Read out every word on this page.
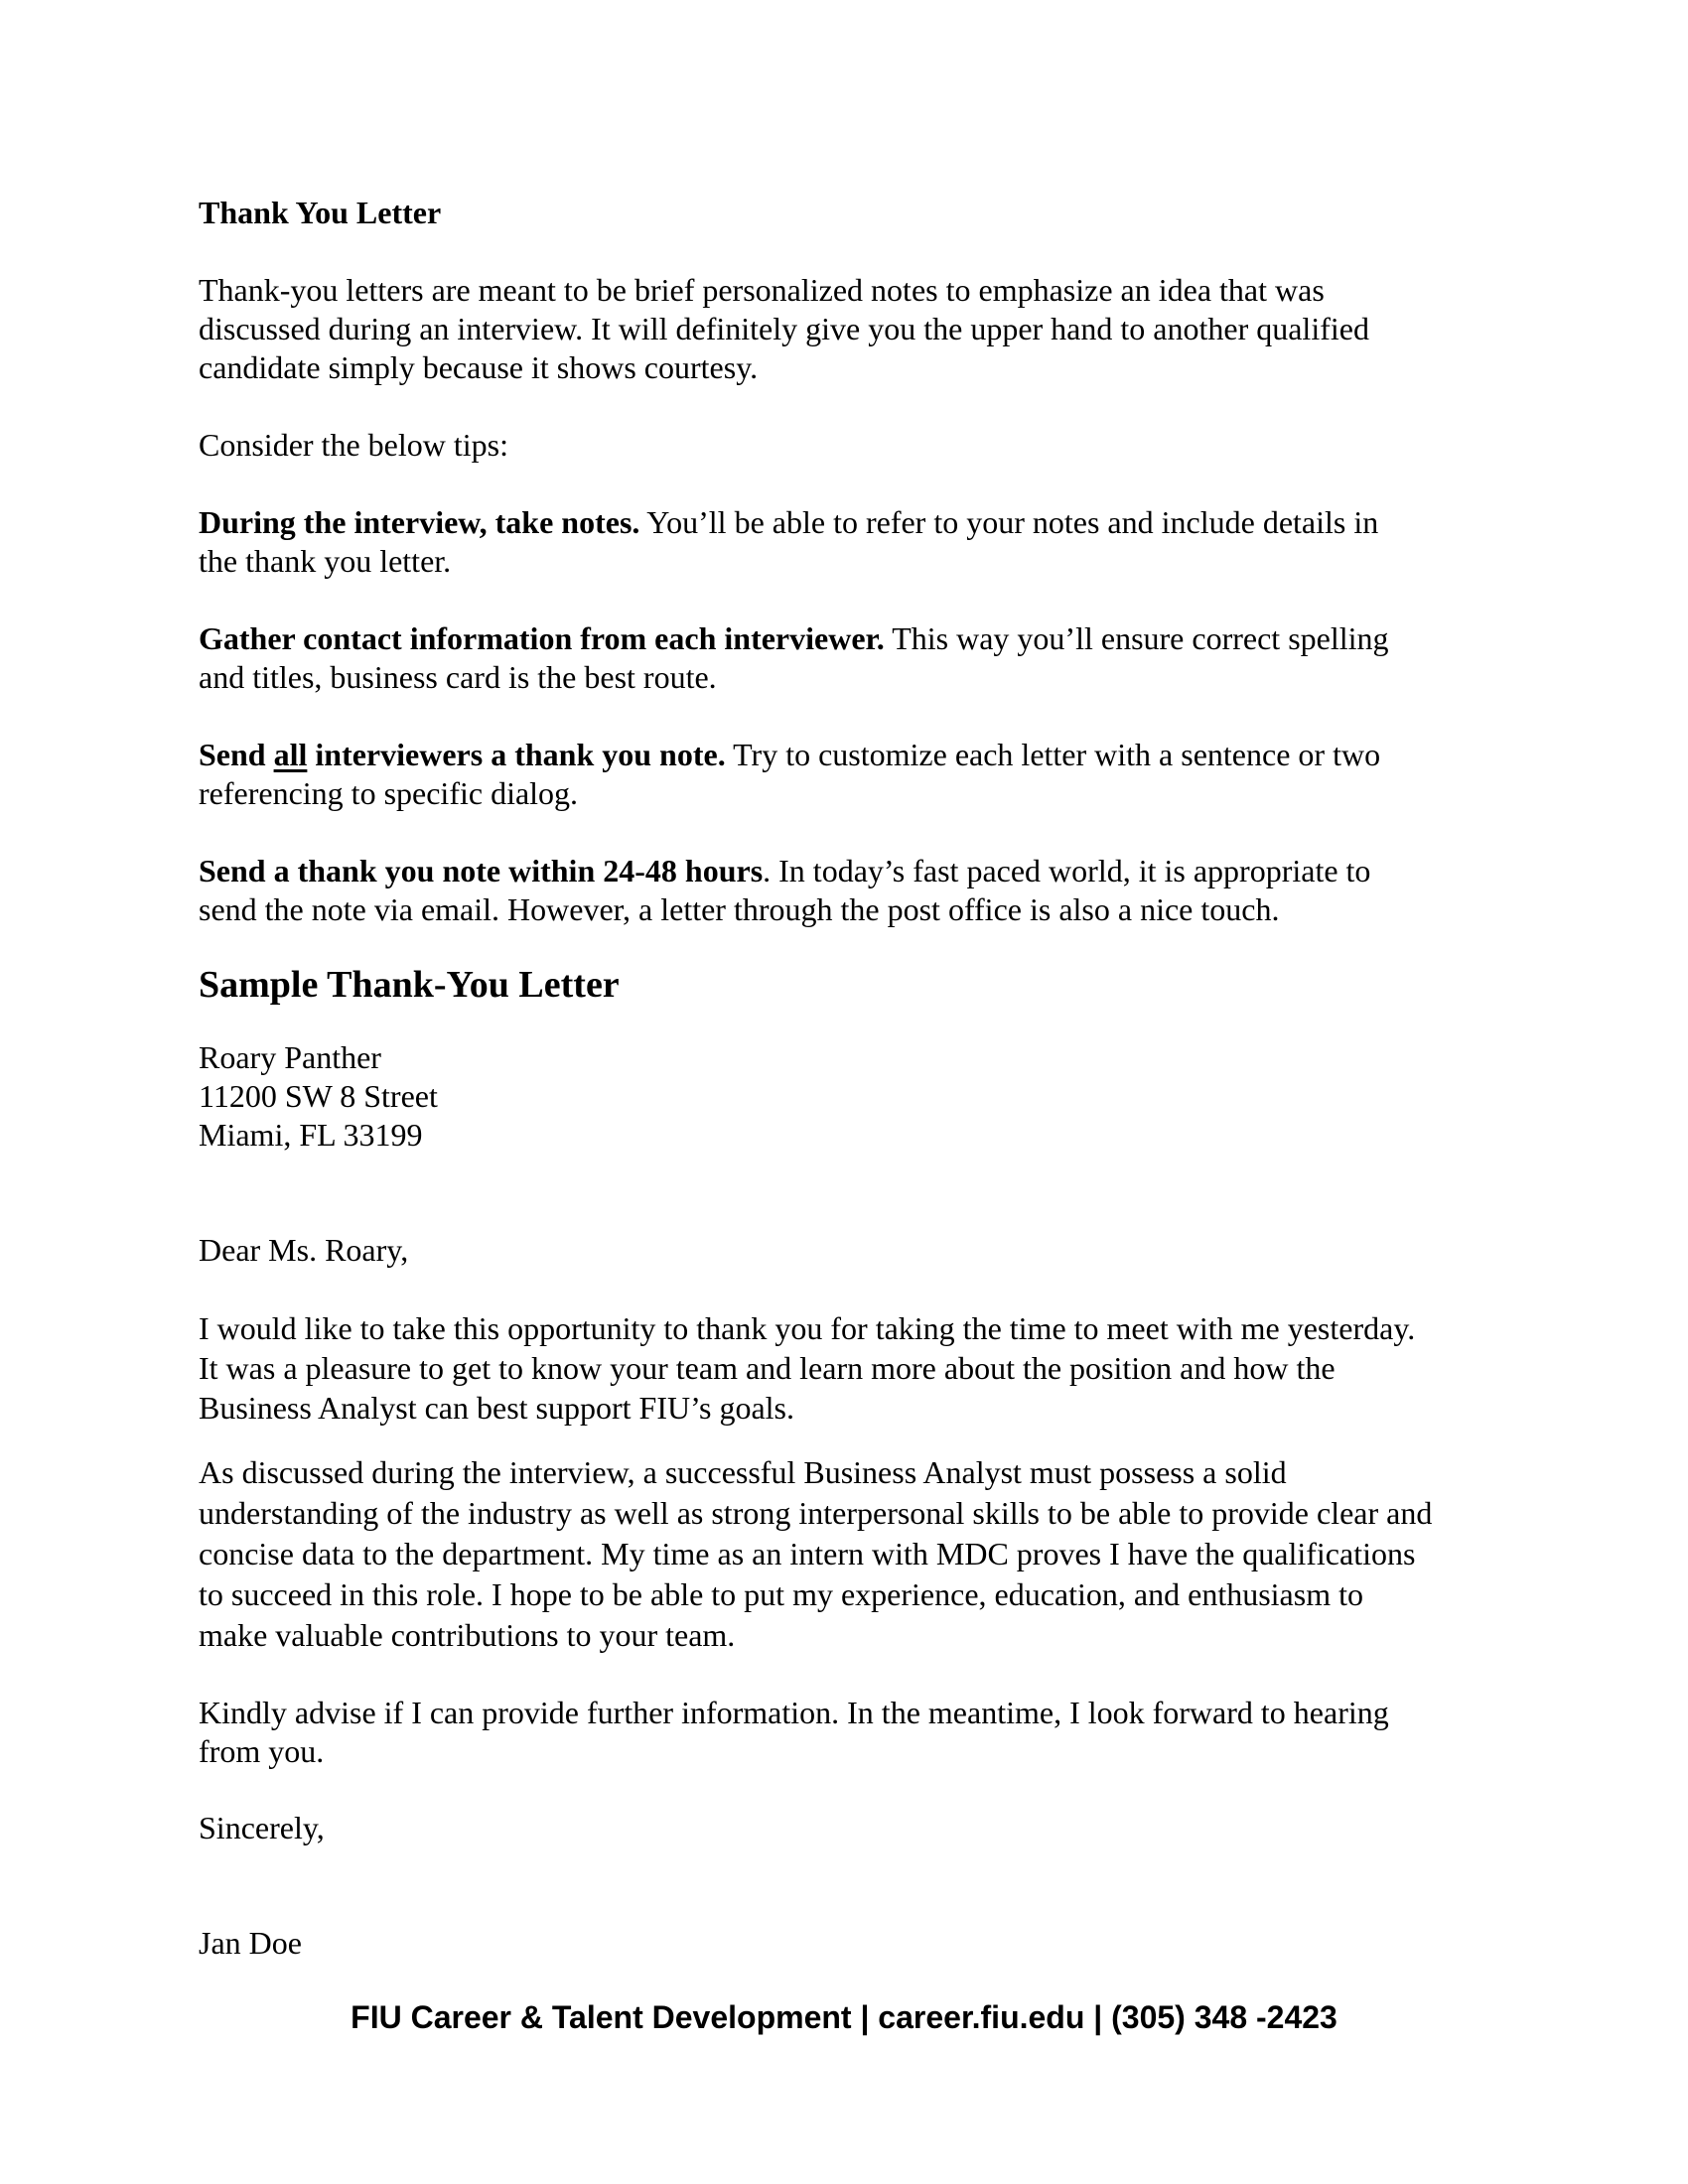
Thank You Letter

Thank-you letters are meant to be brief personalized notes to emphasize an idea that was
discussed during an interview. It will definitely give you the upper hand to another qualified
candidate simply because it shows courtesy.

Consider the below tips:

During the interview, take notes. You’ll be able to refer to your notes and include details in
the thank you letter.

Gather contact information from each interviewer. This way you’ll ensure correct spelling
and titles, business card is the best route.

Send all interviewers a thank you note. Try to customize each letter with a sentence or two
referencing to specific dialog.

Send a thank you note within 24-48 hours. In today’s fast paced world, it is appropriate to
send the note via email. However, a letter through the post office is also a nice touch.

Sample Thank-You Letter

Roary Panther
11200 SW 8 Street
Miami, FL 33199

Dear Ms. Roary,

I would like to take this opportunity to thank you for taking the time to meet with me yesterday.
It was a pleasure to get to know your team and learn more about the position and how the
Business Analyst can best support FIU’s goals.

As discussed during the interview, a successful Business Analyst must possess a solid
understanding of the industry as well as strong interpersonal skills to be able to provide clear and
concise data to the department. My time as an intern with MDC proves I have the qualifications
to succeed in this role. I hope to be able to put my experience, education, and enthusiasm to
make valuable contributions to your team.

Kindly advise if I can provide further information. In the meantime, I look forward to hearing
from you.

Sincerely,

Jan Doe

FIU Career & Talent Development | career.fiu.edu | (305) 348 -2423
